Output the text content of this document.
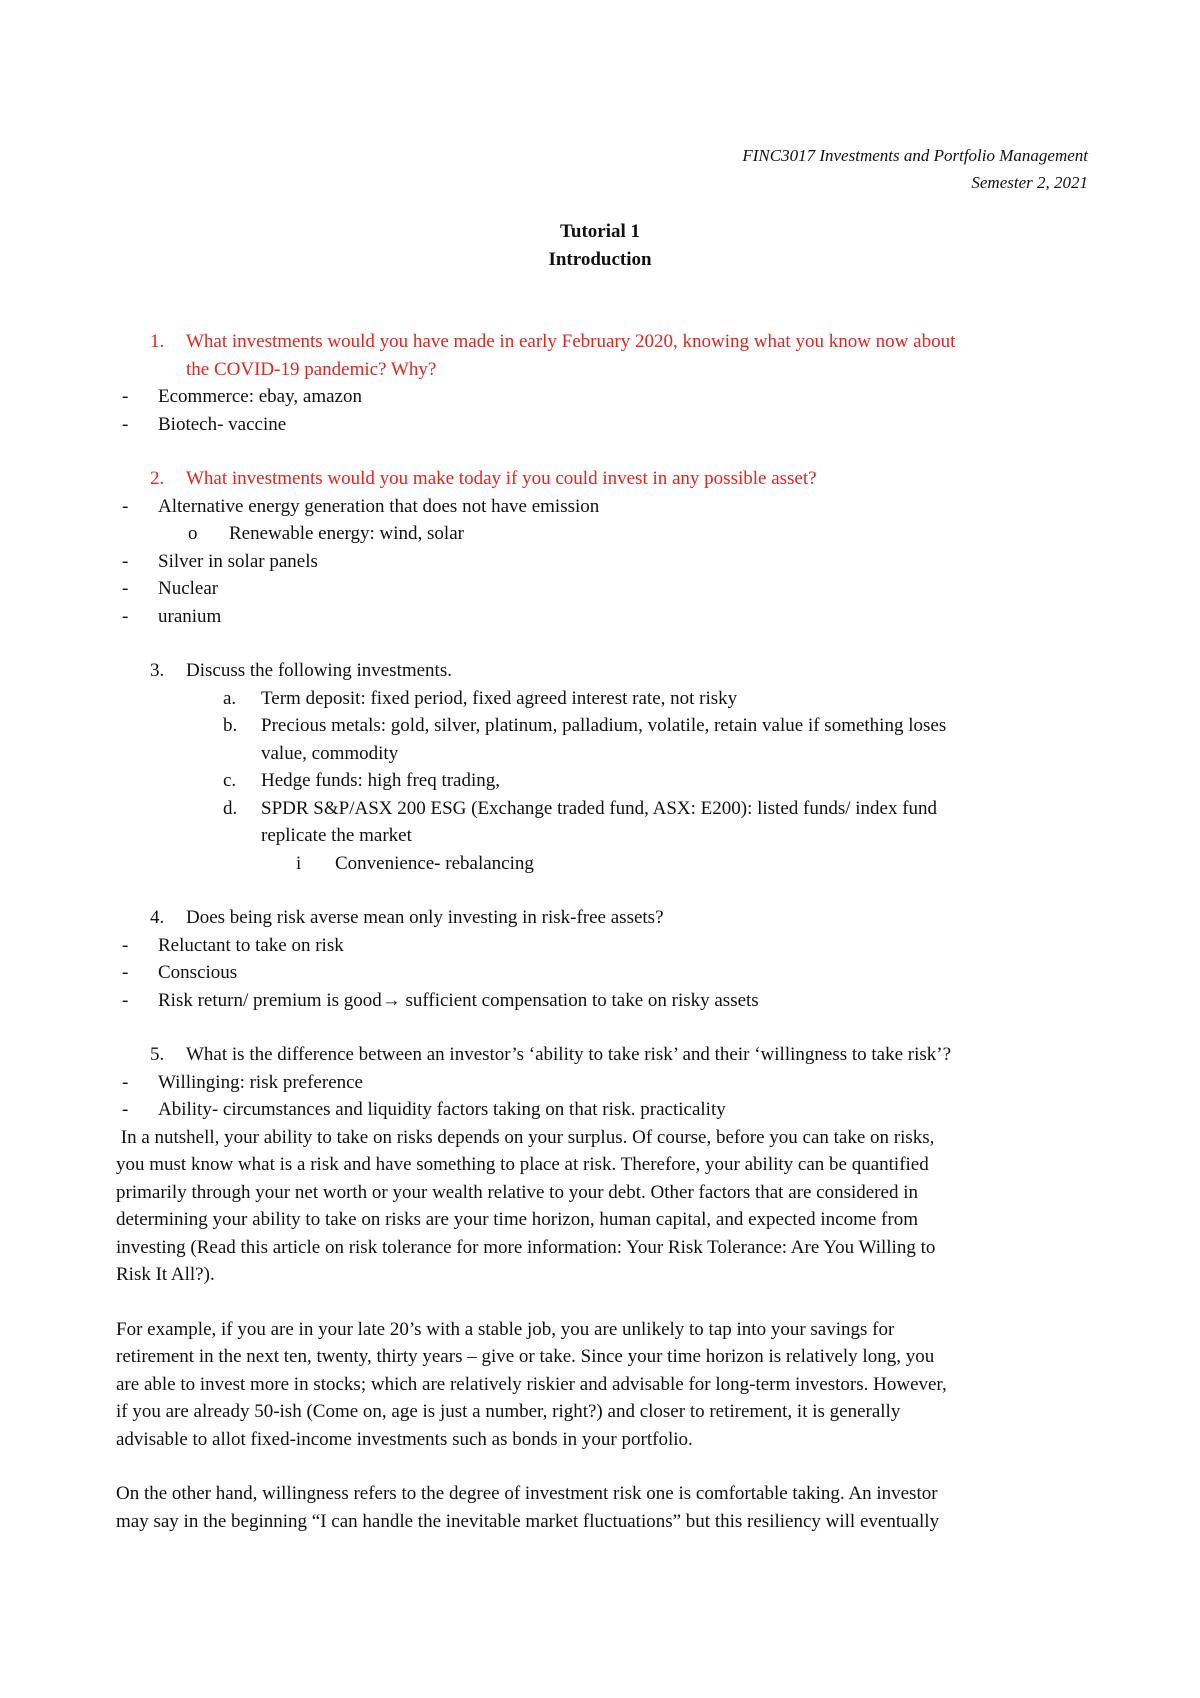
FINC3017 Investments and Portfolio Management
Semester 2, 2021
Tutorial 1
Introduction
1. What investments would you have made in early February 2020, knowing what you know now about
the COVID-19 pandemic? Why?
- Ecommerce: ebay, amazon
- Biotech- vaccine
2. What investments would you make today if you could invest in any possible asset?
- Alternative energy generation that does not have emission
o Renewable energy: wind, solar
- Silver in solar panels
- Nuclear
- uranium
3. Discuss the following investments.
a. Term deposit: fixed period, fixed agreed interest rate, not risky
b. Precious metals: gold, silver, platinum, palladium, volatile, retain value if something loses
value, commodity
c. Hedge funds: high freq trading,
d. SPDR S&P/ASX 200 ESG (Exchange traded fund, ASX: E200): listed funds/ index fund
replicate the market
i Convenience- rebalancing
4. Does being risk averse mean only investing in risk-free assets?
- Reluctant to take on risk
- Conscious
- Risk return/ premium is good→ sufficient compensation to take on risky assets
5. What is the difference between an investor’s ‘ability to take risk’ and their ‘willingness to take risk’?
- Willinging: risk preference
- Ability- circumstances and liquidity factors taking on that risk. practicality
In a nutshell, your ability to take on risks depends on your surplus. Of course, before you can take on risks,
you must know what is a risk and have something to place at risk. Therefore, your ability can be quantified
primarily through your net worth or your wealth relative to your debt. Other factors that are considered in
determining your ability to take on risks are your time horizon, human capital, and expected income from
investing (Read this article on risk tolerance for more information: Your Risk Tolerance: Are You Willing to
Risk It All?).
For example, if you are in your late 20’s with a stable job, you are unlikely to tap into your savings for
retirement in the next ten, twenty, thirty years – give or take. Since your time horizon is relatively long, you
are able to invest more in stocks; which are relatively riskier and advisable for long-term investors. However,
if you are already 50-ish (Come on, age is just a number, right?) and closer to retirement, it is generally
advisable to allot fixed-income investments such as bonds in your portfolio.
On the other hand, willingness refers to the degree of investment risk one is comfortable taking. An investor
may say in the beginning “I can handle the inevitable market fluctuations” but this resiliency will eventually
